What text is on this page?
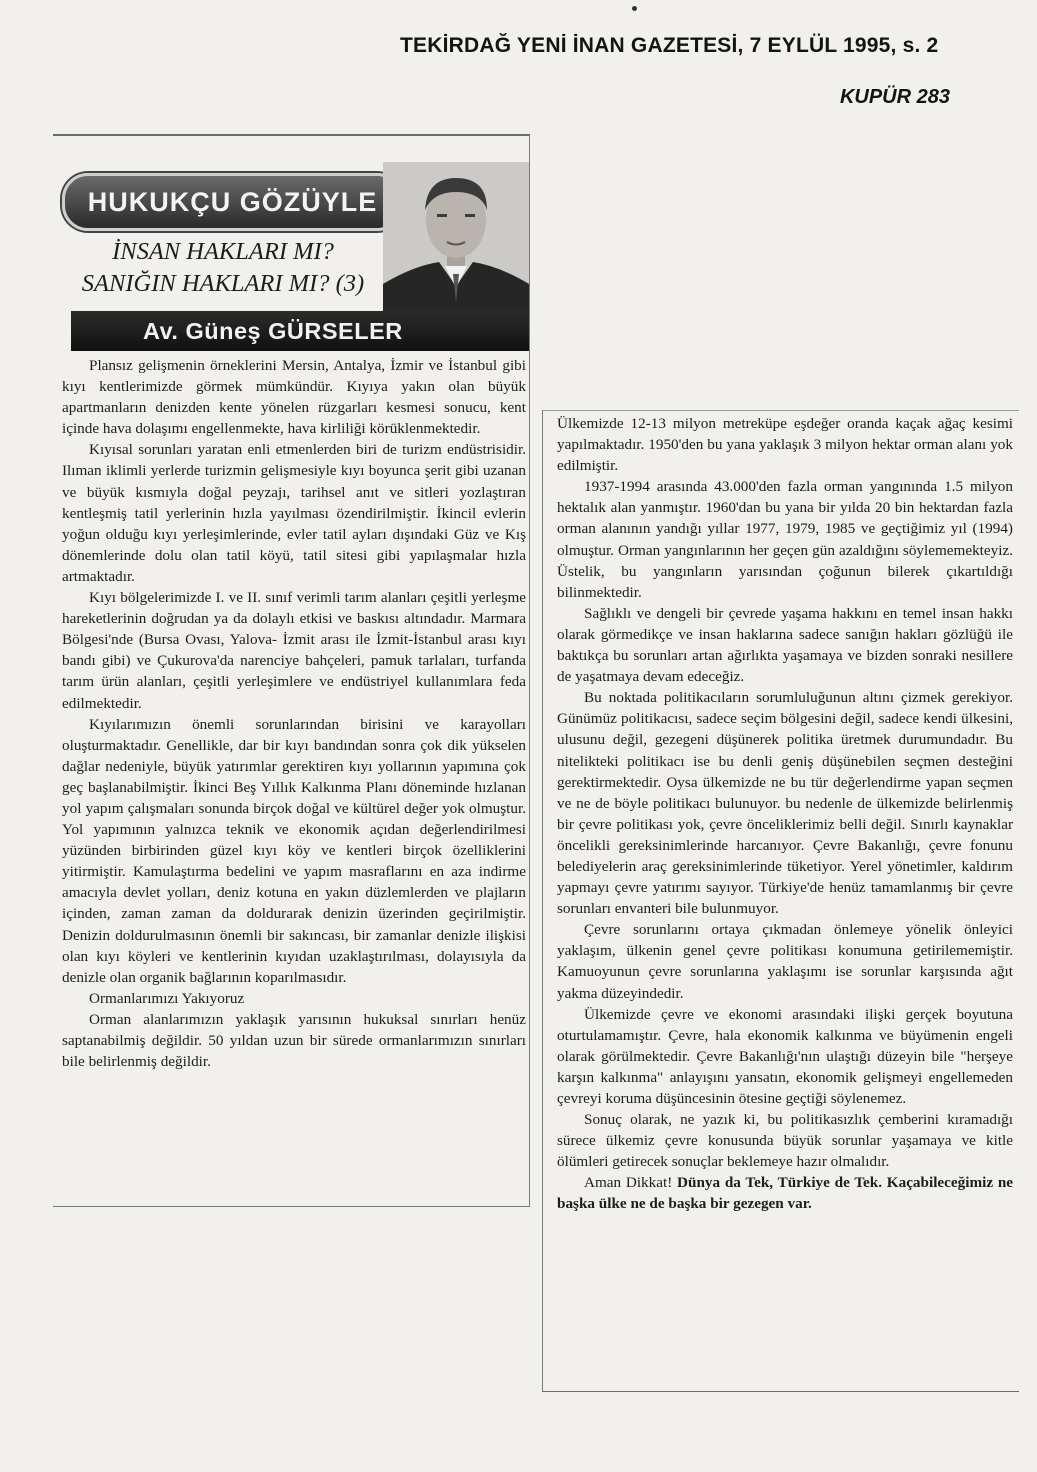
TEKİRDAĞ YENİ İNAN GAZETESİ, 7 EYLÜL 1995, s. 2
KUPÜR 283
HUKUKÇU GÖZÜYLE
İNSAN HAKLARI MI?
SANIĞIN HAKLARI MI? (3)
Av. Güneş GÜRSELER

Plansız gelişmenin örneklerini Mersin, Antalya, İzmir ve İstanbul gibi kıyı kentlerimizde görmek mümkündür. Kıyıya yakın olan büyük apartmanların denizden kente yönelen rüzgarları kesmesi sonucu, kent içinde hava dolaşımı engellenmekte, hava kirliliği körüklenmektedir.

Kıyısal sorunları yaratan enli etmenlerden biri de turizm endüstrisidir. Ilıman iklimli yerlerde turizmin gelişmesiyle kıyı boyunca şerit gibi uzanan ve büyük kısmıyla doğal peyzajı, tarihsel anıt ve sitleri yozlaştıran kentleşmiş tatil yerlerinin hızla yayılması özendirilmiştir. İkincil evlerin yoğun olduğu kıyı yerleşimlerinde, evler tatil ayları dışındaki Güz ve Kış dönemlerinde dolu olan tatil köyü, tatil sitesi gibi yapılaşmalar hızla artmaktadır.

Kıyı bölgelerimizde I. ve II. sınıf verimli tarım alanları çeşitli yerleşme hareketlerinin doğrudan ya da dolaylı etkisi ve baskısı altındadır. Marmara Bölgesi'nde (Bursa Ovası, Yalova- İzmit arası ile İzmit-İstanbul arası kıyı bandı gibi) ve Çukurova'da narenciye bahçeleri, pamuk tarlaları, turfanda tarım ürün alanları, çeşitli yerleşimlere ve endüstriyel kullanımlara feda edilmektedir.

Kıyılarımızın önemli sorunlarından birisini ve karayolları oluşturmaktadır. Genellikle, dar bir kıyı bandından sonra çok dik yükselen dağlar nedeniyle, büyük yatırımlar gerektiren kıyı yollarının yapımına çok geç başlanabilmiştir. İkinci Beş Yıllık Kalkınma Planı döneminde hızlanan yol yapım çalışmaları sonunda birçok doğal ve kültürel değer yok olmuştur. Yol yapımının yalnızca teknik ve ekonomik açıdan değerlendirilmesi yüzünden birbirinden güzel kıyı köy ve kentleri birçok özelliklerini yitirmiştir. Kamulaştırma bedelini ve yapım masraflarını en aza indirme amacıyla devlet yolları, deniz kotuna en yakın düzlemlerden ve plajların içinden, zaman zaman da doldurarak denizin üzerinden geçirilmiştir. Denizin doldurulmasının önemli bir sakıncası, bir zamanlar denizle ilişkisi olan kıyı köyleri ve kentlerinin kıyıdan uzaklaştırılması, dolayısıyla da denizle olan organik bağlarının koparılmasıdır.

Ormanlarımızı Yakıyoruz

Orman alanlarımızın yaklaşık yarısının hukuksal sınırları henüz saptanabilmiş değildir. 50 yıldan uzun bir sürede ormanlarımızın sınırları bile belirlenmiş değildir.

Ülkemizde 12-13 milyon metreküpe eşdeğer oranda kaçak ağaç kesimi yapılmaktadır. 1950'den bu yana yaklaşık 3 milyon hektar orman alanı yok edilmiştir.

1937-1994 arasında 43.000'den fazla orman yangınında 1.5 milyon hektalık alan yanmıştır. 1960'dan bu yana bir yılda 20 bin hektardan fazla orman alanının yandığı yıllar 1977, 1979, 1985 ve geçtiğimiz yıl (1994) olmuştur. Orman yangınlarının her geçen gün azaldığını söylememekteyiz. Üstelik, bu yangınların yarısından çoğunun bilerek çıkartıldığı bilinmektedir.

Sağlıklı ve dengeli bir çevrede yaşama hakkını en temel insan hakkı olarak görmedikçe ve insan haklarına sadece sanığın hakları gözlüğü ile baktıkça bu sorunları artan ağırlıkta yaşamaya ve bizden sonraki nesillere de yaşatmaya devam edeceğiz.

Bu noktada politikacıların sorumluluğunun altını çizmek gerekiyor. Günümüz politikacısı, sadece seçim bölgesini değil, sadece kendi ülkesini, ulusunu değil, gezegeni düşünerek politika üretmek durumundadır. Bu nitelikteki politikacı ise bu denli geniş düşünebilen seçmen desteğini gerektirmektedir. Oysa ülkemizde ne bu tür değerlendirme yapan seçmen ve ne de böyle politikacı bulunuyor. bu nedenle de ülkemizde belirlenmiş bir çevre politikası yok, çevre önceliklerimiz belli değil. Sınırlı kaynaklar öncelikli gereksinimlerinde harcanıyor. Çevre Bakanlığı, çevre fonunu belediyelerin araç gereksinimlerinde tüketiyor. Yerel yönetimler, kaldırım yapmayı çevre yatırımı sayıyor. Türkiye'de henüz tamamlanmış bir çevre sorunları envanteri bile bulunmuyor.

Çevre sorunlarını ortaya çıkmadan önlemeye yönelik önleyici yaklaşım, ülkenin genel çevre politikası konumuna getirilememiştir. Kamuoyunun çevre sorunlarına yaklaşımı ise sorunlar karşısında ağıt yakma düzeyindedir.

Ülkemizde çevre ve ekonomi arasındaki ilişki gerçek boyutuna oturtulamamıştır. Çevre, hala ekonomik kalkınma ve büyümenin engeli olarak görülmektedir. Çevre Bakanlığı'nın ulaştığı düzeyin bile "herşeye karşın kalkınma" anlayışını yansatın, ekonomik gelişmeyi engellemeden çevreyi koruma düşüncesinin ötesine geçtiği söylenemez.

Sonuç olarak, ne yazık ki, bu politikasızlık çemberini kıramadığı sürece ülkemiz çevre konusunda büyük sorunlar yaşamaya ve kitle ölümleri getirecek sonuçlar beklemeye hazır olmalıdır.

Aman Dikkat! Dünya da Tek, Türkiye de Tek. Kaçabileceğimiz ne başka ülke ne de başka bir gezegen var.
